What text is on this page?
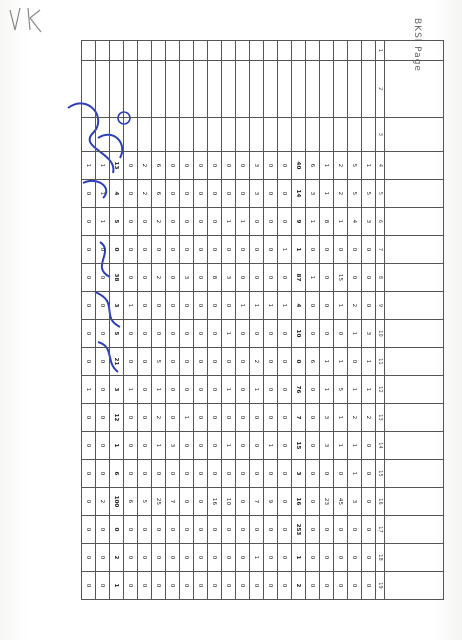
BKSl Page

1	2	3	4	5	6	7	8	9	10	11	12	13	14	15	16	17	18	19
			1	5	3	0	0	0	3	1	1	2	0	0	0	0	0	0
			5	5	4	0	0	2	1	0	1	2	1	1	3	0	0	0
			2	2	1	0	15	1	0	1	5	1	1	0	45	0	0	0
			1	1	8	0	0	0	0	1	1	3	3	0	23	0	0	0
			6	3	1	0	1	0	0	6	0	0	0	0	0	0	0	0
			40	14	9	1	87	4	10	0	76	7	15	3	16	253	1	2
			0	0	0	1	0	1	0	0	0	0	0	0	0	0	0	0
			0	0	0	0	0	1	0	0	0	0	1	0	9	0	0	0
			3	3	0	0	0	1	0	2	1	0	0	0	7	0	1	0
			0	0	1	0	0	1	0	0	0	0	0	0	0	0	0	0
			0	0	1	0	3	0	1	0	1	0	1	0	10	0	0	0
			0	0	0	0	8	0	0	0	0	0	0	0	16	0	0	0
			0	0	0	0	0	0	0	0	0	0	0	0	0	0	0	0
			0	0	0	0	3	0	0	0	0	1	0	0	0	0	0	0
			0	0	0	0	0	0	0	0	0	0	3	0	7	0	0	0
			6	6	2	0	2	0	0	5	1	2	1	0	25	0	0	0
			2	2	0	0	0	0	0	0	0	0	0	0	5	0	0	0
			0	0	0	0	0	1	0	0	1	0	0	0	6	0	0	0
			13	4	5	0	38	3	5	21	3	12	1	6	100	0	2	1
			1	1	1	0	0	0	0	0	0	0	0	0	2	0	0	0
			1	0	0	0	0	0	0	0	1	0	0	0	0	0	0	0
